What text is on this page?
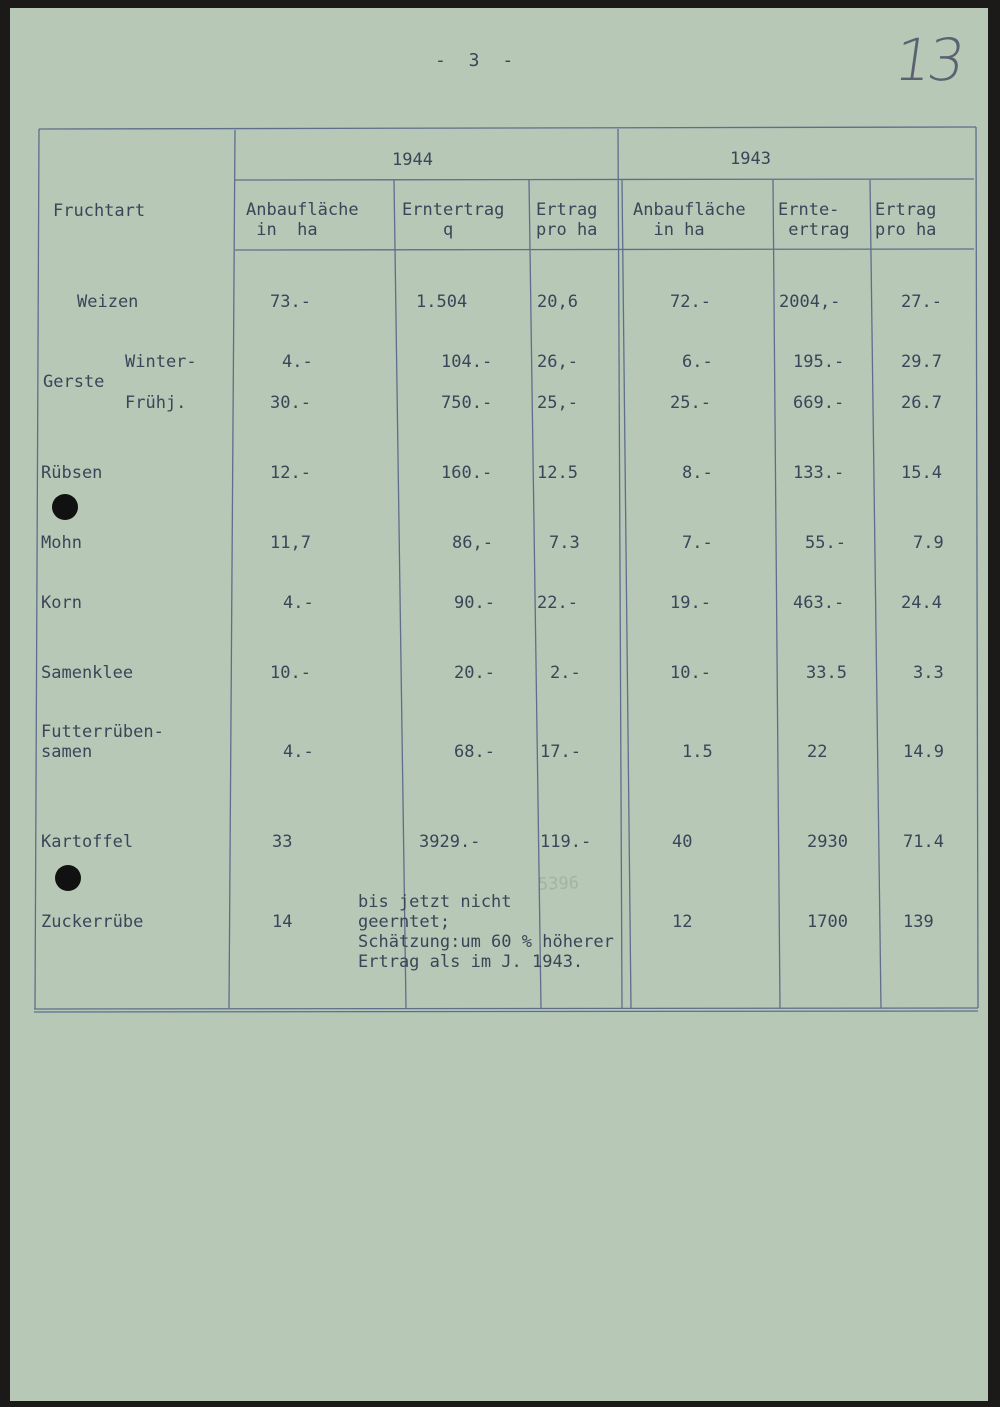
- 3 -	13
5396
Fruchtart
1944	1943
Anbaufläche
in  ha
Erntertrag
q
Ertrag
pro ha
Anbaufläche
in ha
Ernte-
ertrag
Ertrag
pro ha
Weizen
Winter-
Gerste
Frühj.
Rübsen
Mohn
Korn
Samenklee
Futterrüben-
samen
Kartoffel
Zuckerrübe
73.-
4.-
30.-
12.-
11,7
4.-
10.-
4.-
33
14
1.504
104.-
750.-
160.-
86,-
90.-
20.-
68.-
3929.-
20,6
26,-
25,-
12.5
7.3
22.-
2.-
17.-
119.-
72.-
6.-
25.-
8.-
7.-
19.-
10.-
1.5
40
12
2004,-
195.-
669.-
133.-
55.-
463.-
33.5
22
2930
1700
27.-
29.7
26.7
15.4
7.9
24.4
3.3
14.9
71.4
139
bis jetzt nicht
geerntet;
Schätzung:um 60 % höherer
Ertrag als im J. 1943.
